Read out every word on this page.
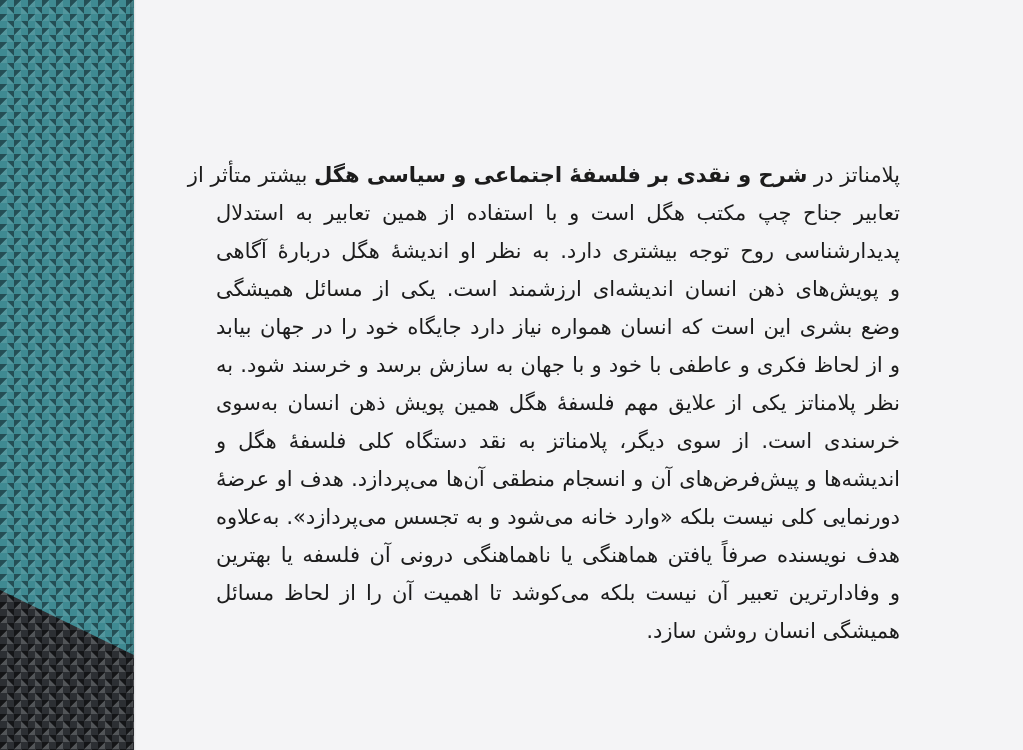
پلامناتز در شرح و نقدی بر فلسفهٔ اجتماعی و سیاسی هگل بیشتر متأثر از
تعابیر جناح چپ مکتب هگل است و با استفاده از همین تعابیر به استدلال
پدیدارشناسی روح توجه بیشتری دارد. به نظر او اندیشهٔ هگل دربارهٔ آگاهی
و پویش‌های ذهن انسان اندیشه‌ای ارزشمند است. یکی از مسائل همیشگی
وضع بشری این است که انسان همواره نیاز دارد جایگاه خود را در جهان بیابد
و از لحاظ فکری و عاطفی با خود و با جهان به سازش برسد و خرسند شود. به
نظر پلامناتز یکی از علایق مهم فلسفهٔ هگل همین پویش ذهن انسان به‌سوی
خرسندی است. از سوی دیگر، پلامناتز به نقد دستگاه کلی فلسفهٔ هگل و
اندیشه‌ها و پیش‌فرض‌های آن و انسجام منطقی آن‌ها می‌پردازد. هدف او عرضهٔ
دورنمایی کلی نیست بلکه «وارد خانه می‌شود و به تجسس می‌پردازد». به‌علاوه
هدف نویسنده صرفاً یافتن هماهنگی یا ناهماهنگی درونی آن فلسفه یا بهترین
و وفادارترین تعبیر آن نیست بلکه می‌کوشد تا اهمیت آن را از لحاظ مسائل
همیشگی انسان روشن سازد.
